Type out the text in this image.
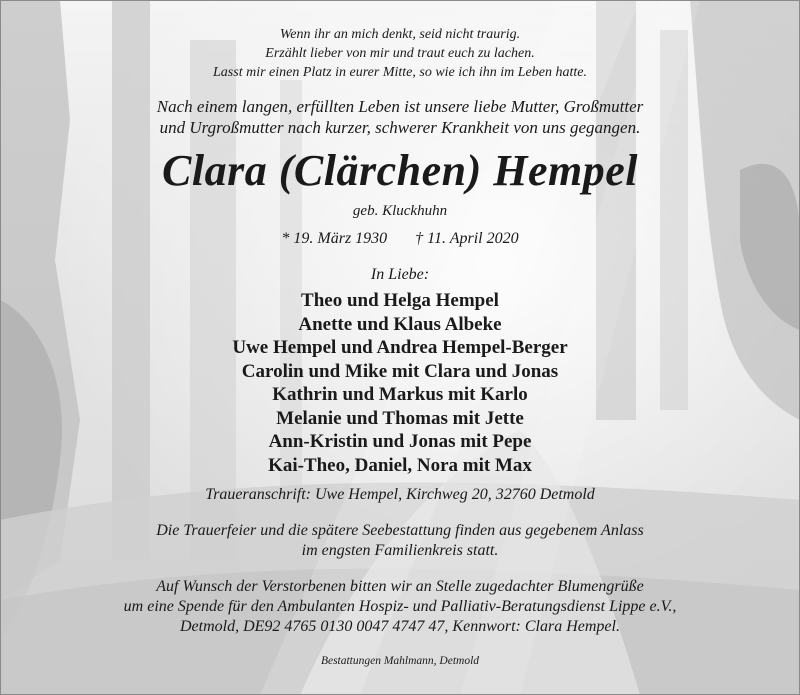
Wenn ihr an mich denkt, seid nicht traurig.
Erzählt lieber von mir und traut euch zu lachen.
Lasst mir einen Platz in eurer Mitte, so wie ich ihn im Leben hatte.
Nach einem langen, erfüllten Leben ist unsere liebe Mutter, Großmutter
und Urgroßmutter nach kurzer, schwerer Krankheit von uns gegangen.
Clara (Clärchen) Hempel
geb. Kluckhuhn
* 19. März 1930 † 11. April 2020
In Liebe:
Theo und Helga Hempel
Anette und Klaus Albeke
Uwe Hempel und Andrea Hempel-Berger
Carolin und Mike mit Clara und Jonas
Kathrin und Markus mit Karlo
Melanie und Thomas mit Jette
Ann-Kristin und Jonas mit Pepe
Kai-Theo, Daniel, Nora mit Max
Traueranschrift: Uwe Hempel, Kirchweg 20, 32760 Detmold
Die Trauerfeier und die spätere Seebestattung finden aus gegebenem Anlass
im engsten Familienkreis statt.
Auf Wunsch der Verstorbenen bitten wir an Stelle zugedachter Blumengrüße
um eine Spende für den Ambulanten Hospiz- und Palliativ-Beratungsdienst Lippe e.V.,
Detmold, DE92 4765 0130 0047 4747 47, Kennwort: Clara Hempel.
Bestattungen Mahlmann, Detmold
